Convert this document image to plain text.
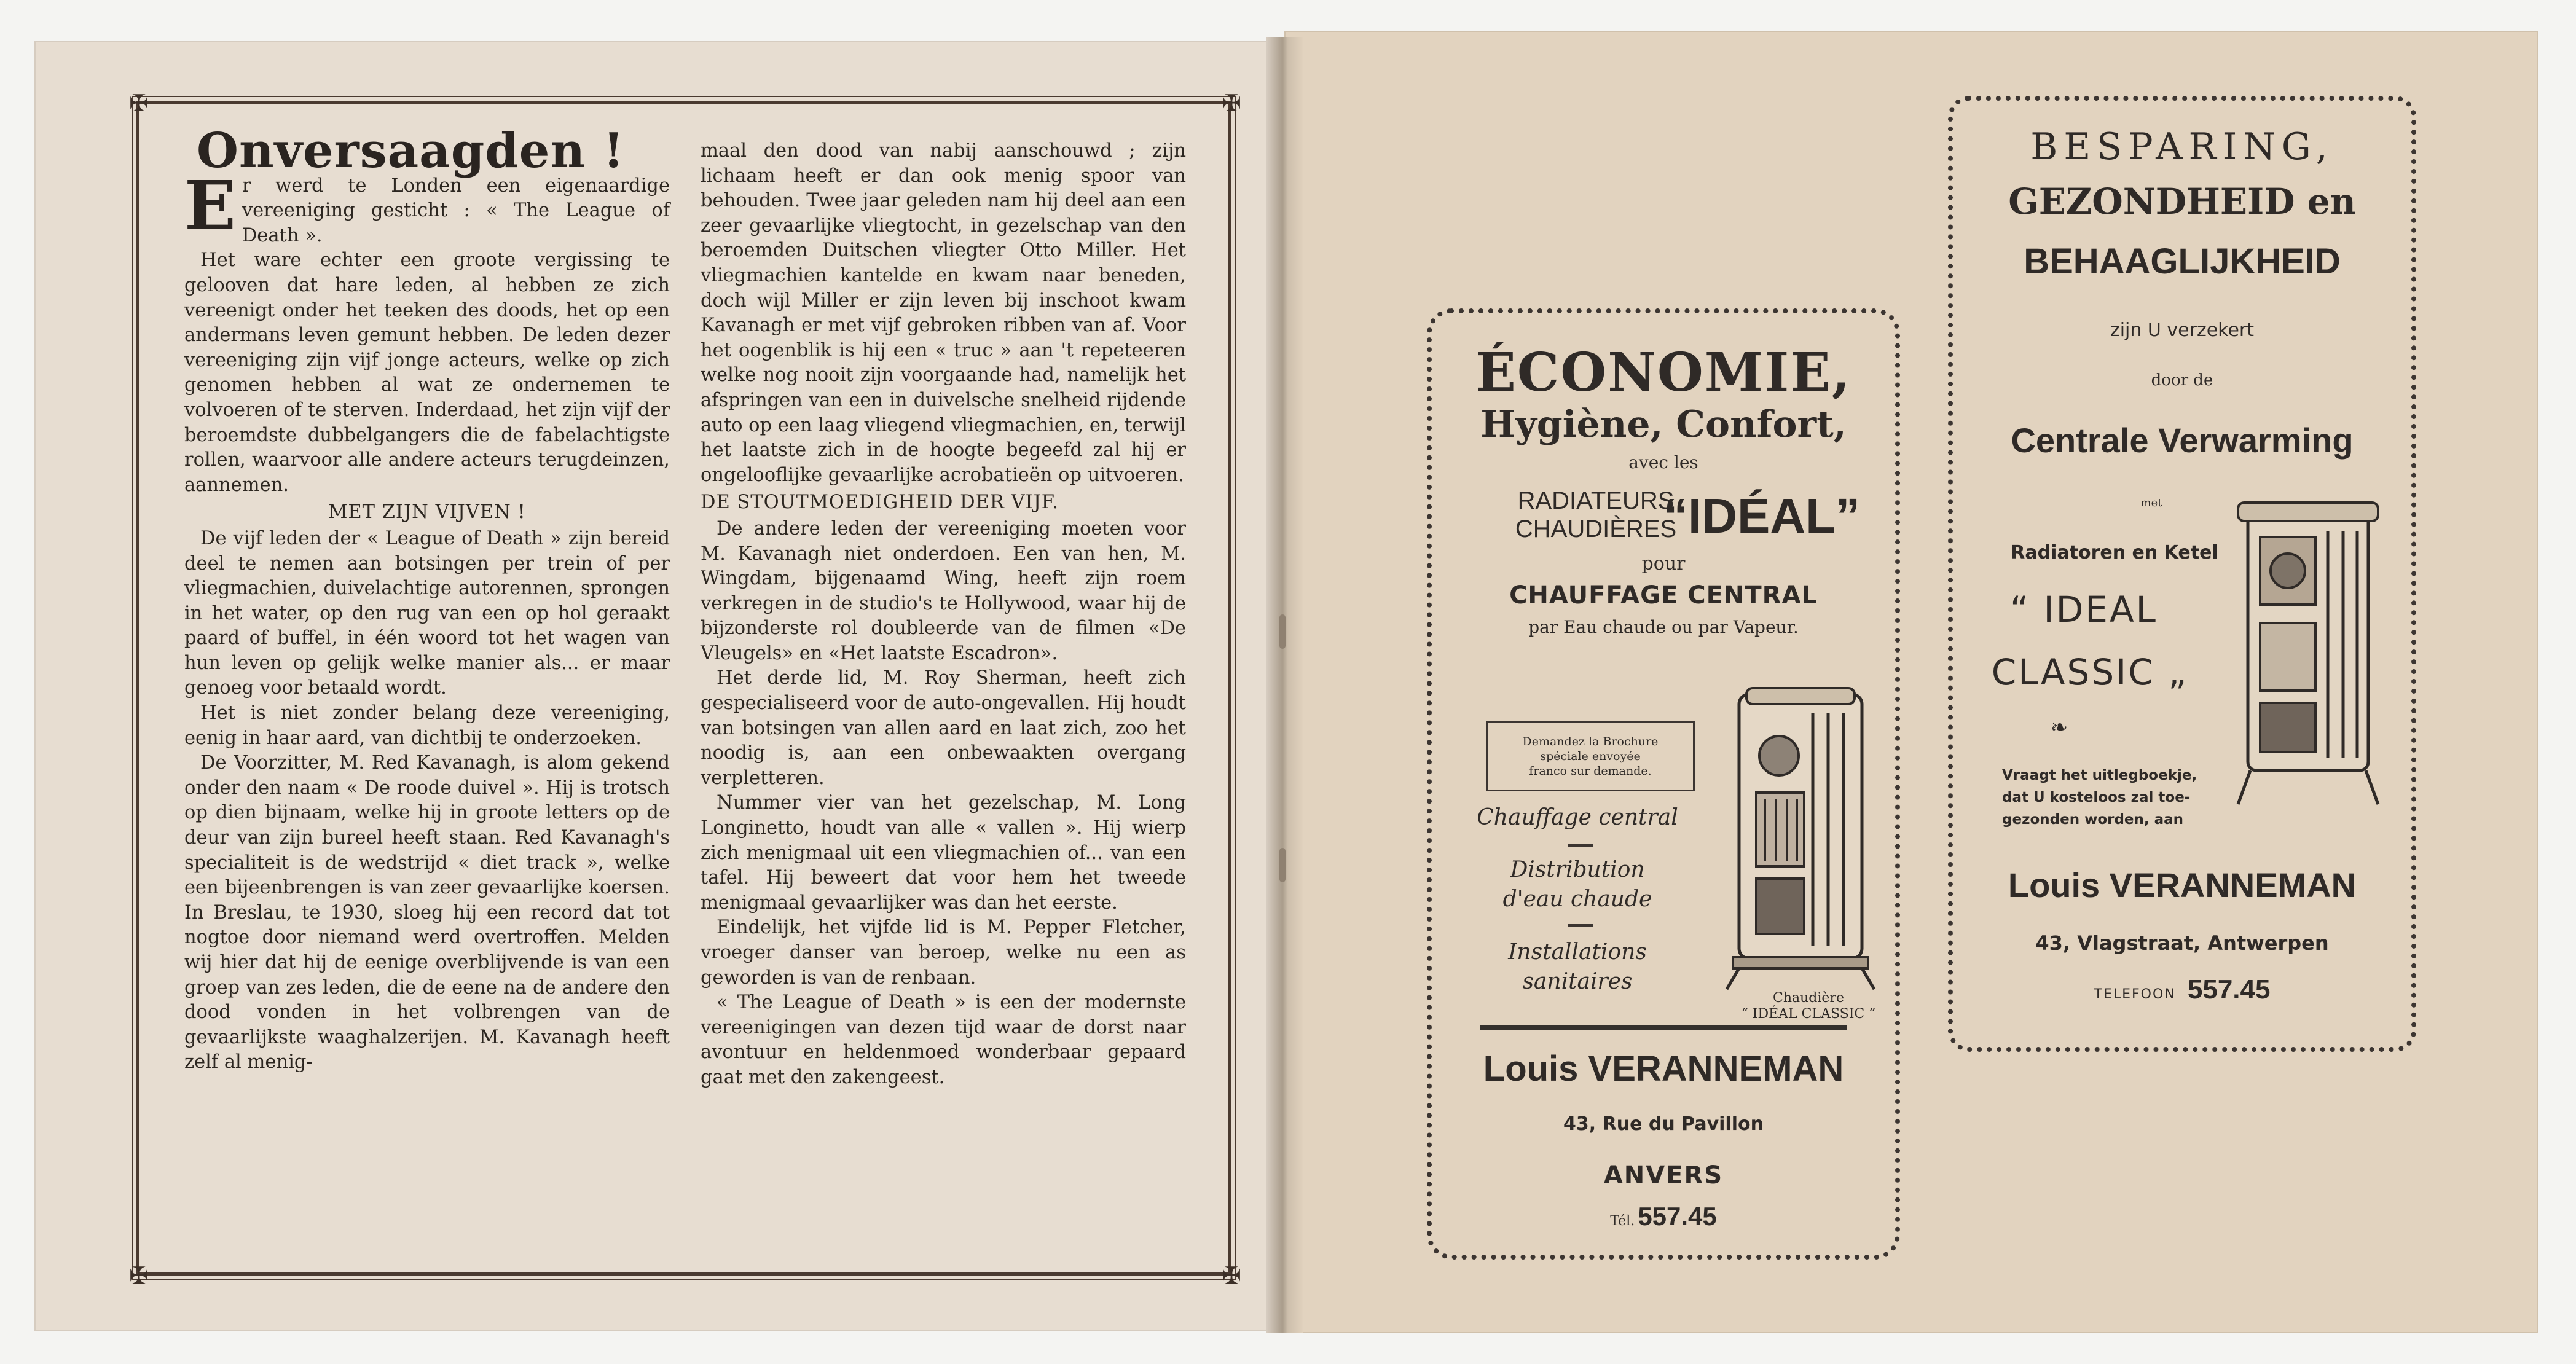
✠	✠
✠	✠
Onversaagden !

Er werd te Londen een eigenaardige vereeniging gesticht : « The League of Death ».

Het ware echter een groote vergissing te gelooven dat hare leden, al hebben ze zich vereenigt onder het teeken des doods, het op een andermans leven gemunt hebben. De leden dezer vereeniging zijn vijf jonge acteurs, welke op zich genomen hebben al wat ze ondernemen te volvoeren of te sterven. Inderdaad, het zijn vijf der beroemdste dubbelgangers die de fabelachtigste rollen, waarvoor alle andere acteurs terugdeinzen, aannemen.

MET ZIJN VIJVEN !

De vijf leden der « League of Death » zijn bereid deel te nemen aan botsingen per trein of per vliegmachien, duivelachtige autorennen, sprongen in het water, op den rug van een op hol geraakt paard of buffel, in één woord tot het wagen van hun leven op gelijk welke manier als... er maar genoeg voor betaald wordt.

Het is niet zonder belang deze vereeniging, eenig in haar aard, van dichtbij te onderzoeken.

De Voorzitter, M. Red Kavanagh, is alom gekend onder den naam « De roode duivel ». Hij is trotsch op dien bijnaam, welke hij in groote letters op de deur van zijn bureel heeft staan. Red Kavanagh's specialiteit is de wedstrijd « diet track », welke een bijeenbrengen is van zeer gevaarlijke koersen. In Breslau, te 1930, sloeg hij een record dat tot nogtoe door niemand werd overtroffen. Melden wij hier dat hij de eenige overblijvende is van een groep van zes leden, die de eene na de andere den dood vonden in het volbrengen van de gevaarlijkste waaghalzerijen. M. Kavanagh heeft zelf al menig-

maal den dood van nabij aanschouwd ; zijn lichaam heeft er dan ook menig spoor van behouden. Twee jaar geleden nam hij deel aan een zeer gevaarlijke vliegtocht, in gezelschap van den beroemden Duitschen vliegter Otto Miller. Het vliegmachien kantelde en kwam naar beneden, doch wijl Miller er zijn leven bij inschoot kwam Kavanagh er met vijf gebroken ribben van af. Voor het oogenblik is hij een « truc » aan 't repeteeren welke nog nooit zijn voorgaande had, namelijk het afspringen van een in duivelsche snelheid rijdende auto op een laag vliegend vliegmachien, en, terwijl het laatste zich in de hoogte begeefd zal hij er ongelooflijke gevaarlijke acrobatieën op uitvoeren.

DE STOUTMOEDIGHEID DER VIJF.

De andere leden der vereeniging moeten voor M. Kavanagh niet onderdoen. Een van hen, M. Wingdam, bijgenaamd Wing, heeft zijn roem verkregen in de studio's te Hollywood, waar hij de bijzonderste rol doubleerde van de filmen «De Vleugels» en «Het laatste Escadron».

Het derde lid, M. Roy Sherman, heeft zich gespecialiseerd voor de auto-ongevallen. Hij houdt van botsingen van allen aard en laat zich, zoo het noodig is, aan een onbewaakten overgang verpletteren.

Nummer vier van het gezelschap, M. Long Longinetto, houdt van alle « vallen ». Hij wierp zich menigmaal uit een vliegmachien of... van een tafel. Hij beweert dat voor hem het tweede menigmaal gevaarlijker was dan het eerste.

Eindelijk, het vijfde lid is M. Pepper Fletcher, vroeger danser van beroep, welke nu een as geworden is van de renbaan.

« The League of Death » is een der modernste vereenigingen van dezen tijd waar de dorst naar avontuur en heldenmoed wonderbaar gepaard gaat met den zakengeest.

ÉCONOMIE,
Hygiène, Confort,
avec les
RADIATEURS
CHAUDIÈRES
“IDÉAL”
pour
CHAUFFAGE CENTRAL
par Eau chaude ou par Vapeur.
Demandez la Brochure
spéciale envoyée
franco sur demande.
Chauffage central
Distribution
d'eau chaude
Installations
sanitaires
Chaudière
“ IDÉAL CLASSIC ”
Louis VERANNEMAN
43, Rue du Pavillon
ANVERS
Tél. 557.45
BESPARING,
GEZONDHEID en
BEHAAGLIJKHEID
zijn U verzekert
door de
Centrale Verwarming
met
Radiatoren en Ketel
“ IDEAL
CLASSIC „
❧
Vraagt het uitlegboekje,
dat U kosteloos zal toe-
gezonden worden, aan
Louis VERANNEMAN
43, Vlagstraat, Antwerpen
TELEFOON 557.45
